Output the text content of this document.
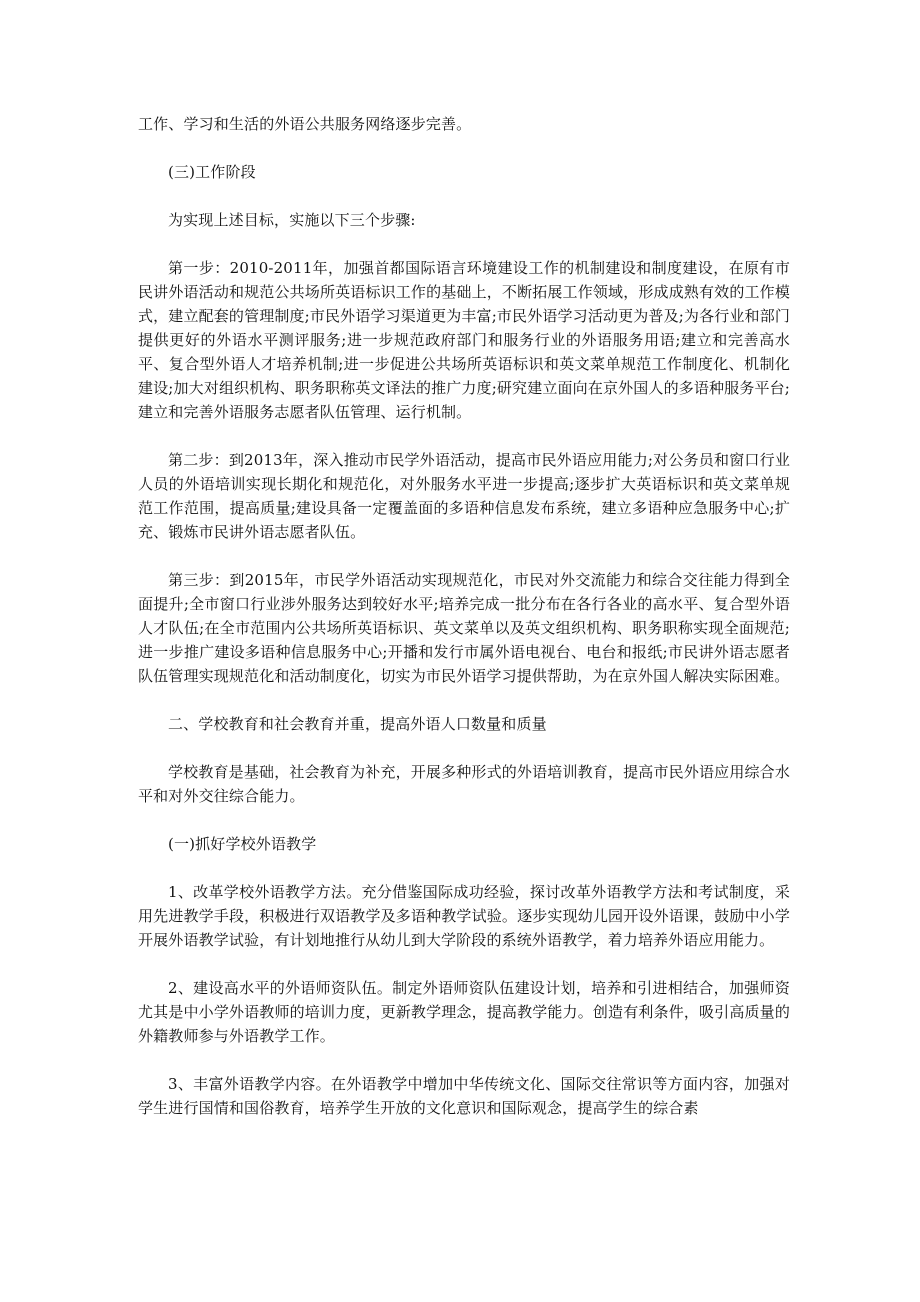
工作、学习和生活的外语公共服务网络逐步完善。

(三)工作阶段

为实现上述目标，实施以下三个步骤:

第一步：2010-2011年，加强首都国际语言环境建设工作的机制建设和制度建设，在原有市民讲外语活动和规范公共场所英语标识工作的基础上，不断拓展工作领域，形成成熟有效的工作模式，建立配套的管理制度;市民外语学习渠道更为丰富;市民外语学习活动更为普及;为各行业和部门提供更好的外语水平测评服务;进一步规范政府部门和服务行业的外语服务用语;建立和完善高水平、复合型外语人才培养机制;进一步促进公共场所英语标识和英文菜单规范工作制度化、机制化建设;加大对组织机构、职务职称英文译法的推广力度;研究建立面向在京外国人的多语种服务平台;建立和完善外语服务志愿者队伍管理、运行机制。

第二步：到2013年，深入推动市民学外语活动，提高市民外语应用能力;对公务员和窗口行业人员的外语培训实现长期化和规范化，对外服务水平进一步提高;逐步扩大英语标识和英文菜单规范工作范围，提高质量;建设具备一定覆盖面的多语种信息发布系统，建立多语种应急服务中心;扩充、锻炼市民讲外语志愿者队伍。

第三步：到2015年，市民学外语活动实现规范化，市民对外交流能力和综合交往能力得到全面提升;全市窗口行业涉外服务达到较好水平;培养完成一批分布在各行各业的高水平、复合型外语人才队伍;在全市范围内公共场所英语标识、英文菜单以及英文组织机构、职务职称实现全面规范;进一步推广建设多语种信息服务中心;开播和发行市属外语电视台、电台和报纸;市民讲外语志愿者队伍管理实现规范化和活动制度化，切实为市民外语学习提供帮助，为在京外国人解决实际困难。

二、学校教育和社会教育并重，提高外语人口数量和质量

学校教育是基础，社会教育为补充，开展多种形式的外语培训教育，提高市民外语应用综合水平和对外交往综合能力。

(一)抓好学校外语教学

1、改革学校外语教学方法。充分借鉴国际成功经验，探讨改革外语教学方法和考试制度，采用先进教学手段，积极进行双语教学及多语种教学试验。逐步实现幼儿园开设外语课，鼓励中小学开展外语教学试验，有计划地推行从幼儿到大学阶段的系统外语教学，着力培养外语应用能力。

2、建设高水平的外语师资队伍。制定外语师资队伍建设计划，培养和引进相结合，加强师资尤其是中小学外语教师的培训力度，更新教学理念，提高教学能力。创造有利条件，吸引高质量的外籍教师参与外语教学工作。

3、丰富外语教学内容。在外语教学中增加中华传统文化、国际交往常识等方面内容，加强对学生进行国情和国俗教育，培养学生开放的文化意识和国际观念，提高学生的综合素
